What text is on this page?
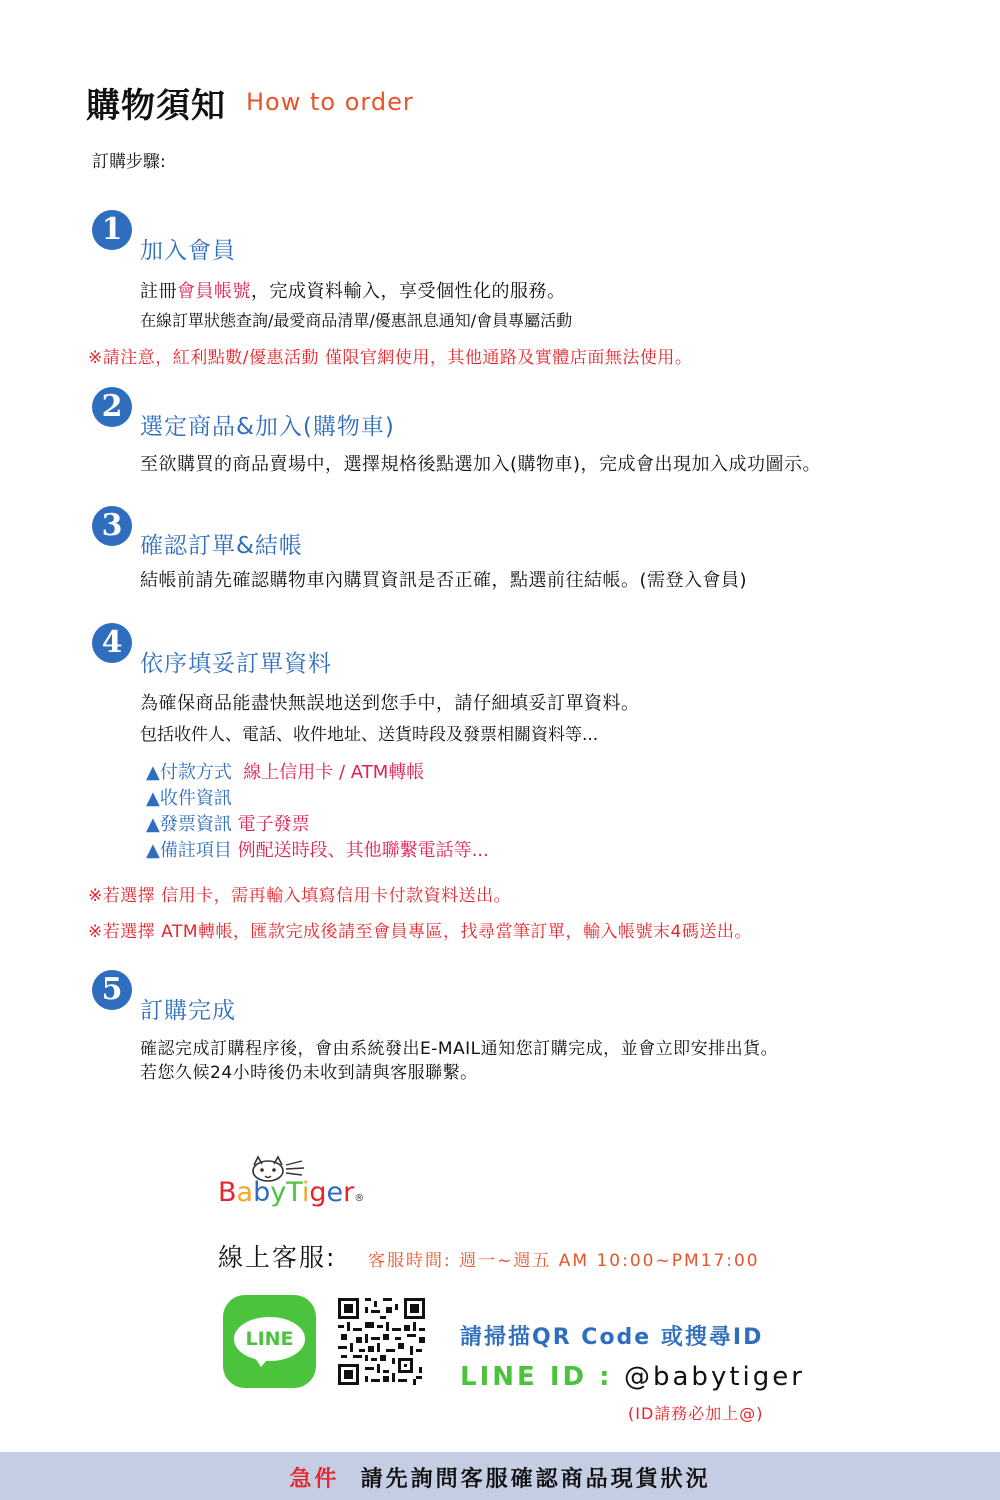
購物須知 How to order
訂購步驟:
1
加入會員
註冊會員帳號，完成資料輸入，享受個性化的服務。
在線訂單狀態查詢/最愛商品清單/優惠訊息通知/會員專屬活動
※請注意，紅利點數/優惠活動 僅限官網使用，其他通路及實體店面無法使用。
2
選定商品&加入(購物車)
至欲購買的商品賣場中，選擇規格後點選加入(購物車)，完成會出現加入成功圖示。
3
確認訂單&結帳
結帳前請先確認購物車內購買資訊是否正確，點選前往結帳。(需登入會員)
4
依序填妥訂單資料
為確保商品能盡快無誤地送到您手中，請仔細填妥訂單資料。
包括收件人、電話、收件地址、送貨時段及發票相關資料等...
▲付款方式 線上信用卡 / ATM轉帳
▲收件資訊
▲發票資訊 電子發票
▲備註項目 例配送時段、其他聯繫電話等...
※若選擇 信用卡，需再輸入填寫信用卡付款資料送出。
※若選擇 ATM轉帳，匯款完成後請至會員專區，找尋當筆訂單，輸入帳號末4碼送出。
5
訂購完成
確認完成訂購程序後，會由系統發出E-MAIL通知您訂購完成，並會立即安排出貨。
若您久候24小時後仍未收到請與客服聯繫。
BabyTiger®
線上客服: 客服時間: 週一~週五 AM 10:00~PM17:00
LINE	請掃描QR Code 或搜尋ID
LINE ID : @babytiger
(ID請務必加上@)
急件 請先詢問客服確認商品現貨狀況
